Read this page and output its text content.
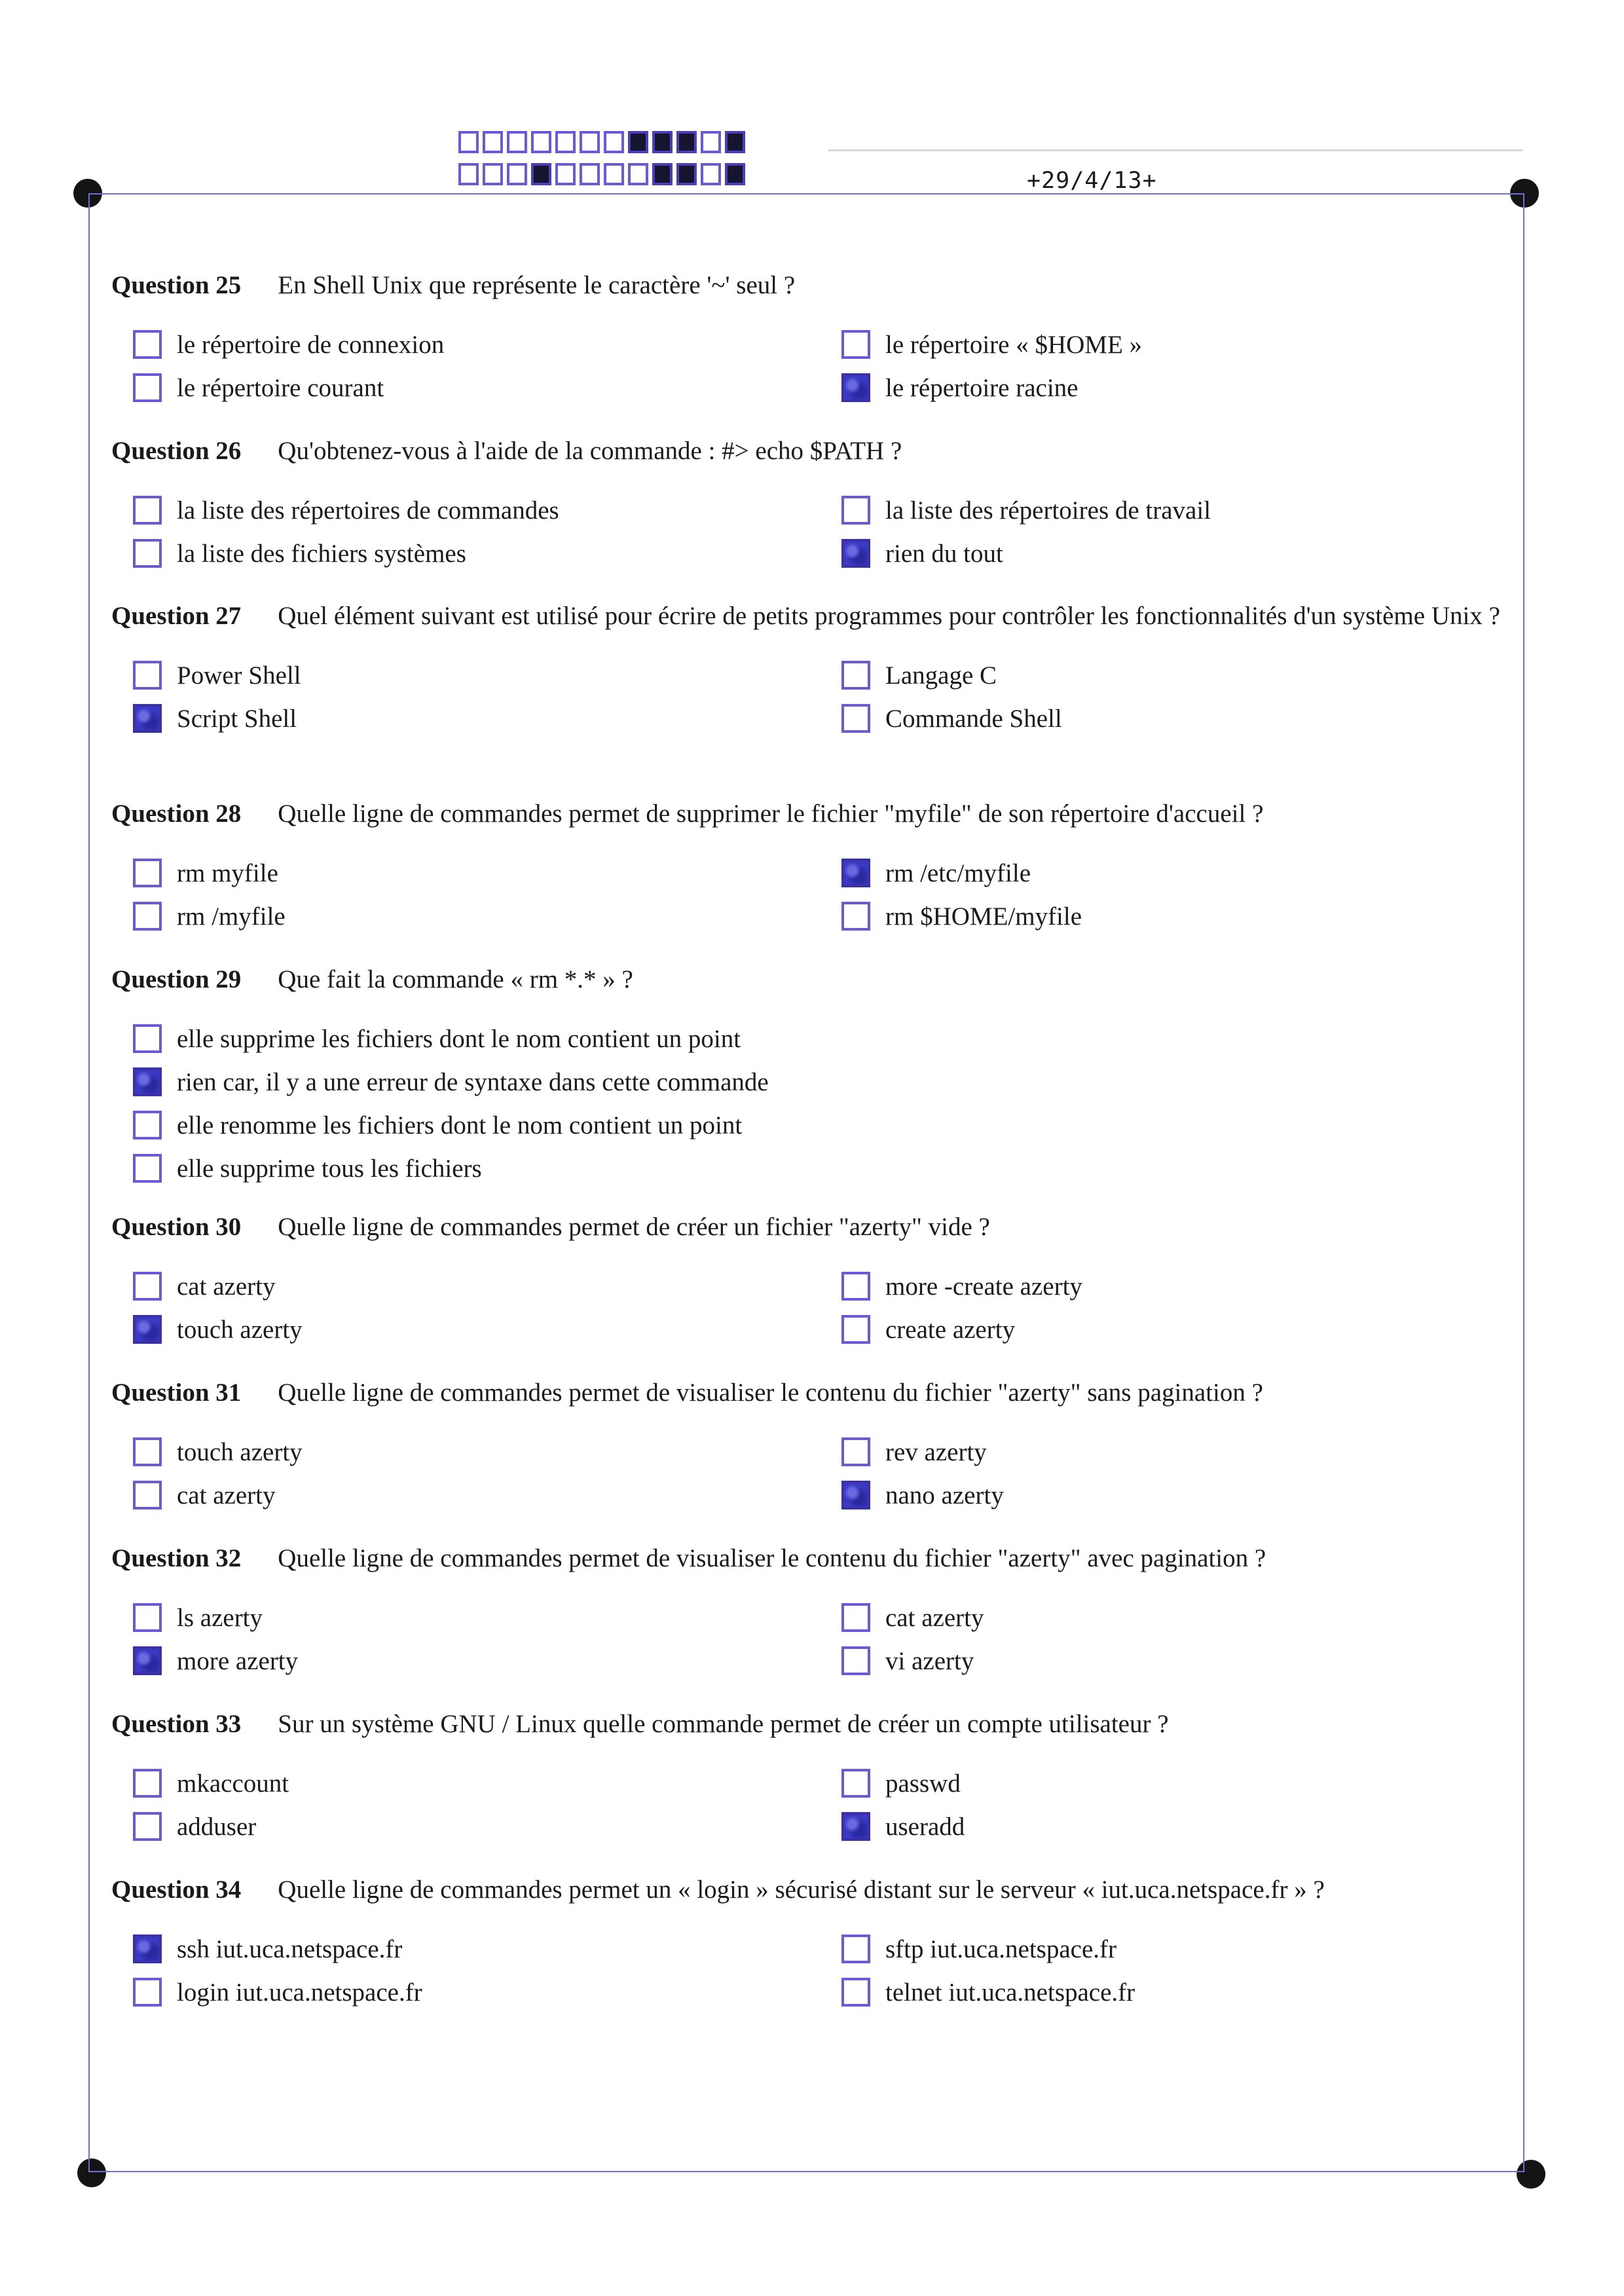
+29/4/13+
Question 25 En Shell Unix que représente le caractère '~' seul ?
le répertoire de connexion	le répertoire « $HOME »
le répertoire courant	le répertoire racine
Question 26 Qu'obtenez-vous à l'aide de la commande : #> echo $PATH ?
la liste des répertoires de commandes	la liste des répertoires de travail
la liste des fichiers systèmes	rien du tout
Question 27 Quel élément suivant est utilisé pour écrire de petits programmes pour contrôler les fonctionnalités d'un système Unix ?
Power Shell	Langage C
Script Shell	Commande Shell
Question 28 Quelle ligne de commandes permet de supprimer le fichier "myfile" de son répertoire d'accueil ?
rm myfile	rm /etc/myfile
rm /myfile	rm $HOME/myfile
Question 29 Que fait la commande « rm *.* » ?
elle supprime les fichiers dont le nom contient un point
rien car, il y a une erreur de syntaxe dans cette commande
elle renomme les fichiers dont le nom contient un point
elle supprime tous les fichiers
Question 30 Quelle ligne de commandes permet de créer un fichier "azerty" vide ?
cat azerty	more -create azerty
touch azerty	create azerty
Question 31 Quelle ligne de commandes permet de visualiser le contenu du fichier "azerty" sans pagination ?
touch azerty	rev azerty
cat azerty	nano azerty
Question 32 Quelle ligne de commandes permet de visualiser le contenu du fichier "azerty" avec pagination ?
ls azerty	cat azerty
more azerty	vi azerty
Question 33 Sur un système GNU / Linux quelle commande permet de créer un compte utilisateur ?
mkaccount	passwd
adduser	useradd
Question 34 Quelle ligne de commandes permet un « login » sécurisé distant sur le serveur « iut.uca.netspace.fr » ?
ssh iut.uca.netspace.fr	sftp iut.uca.netspace.fr
login iut.uca.netspace.fr	telnet iut.uca.netspace.fr
